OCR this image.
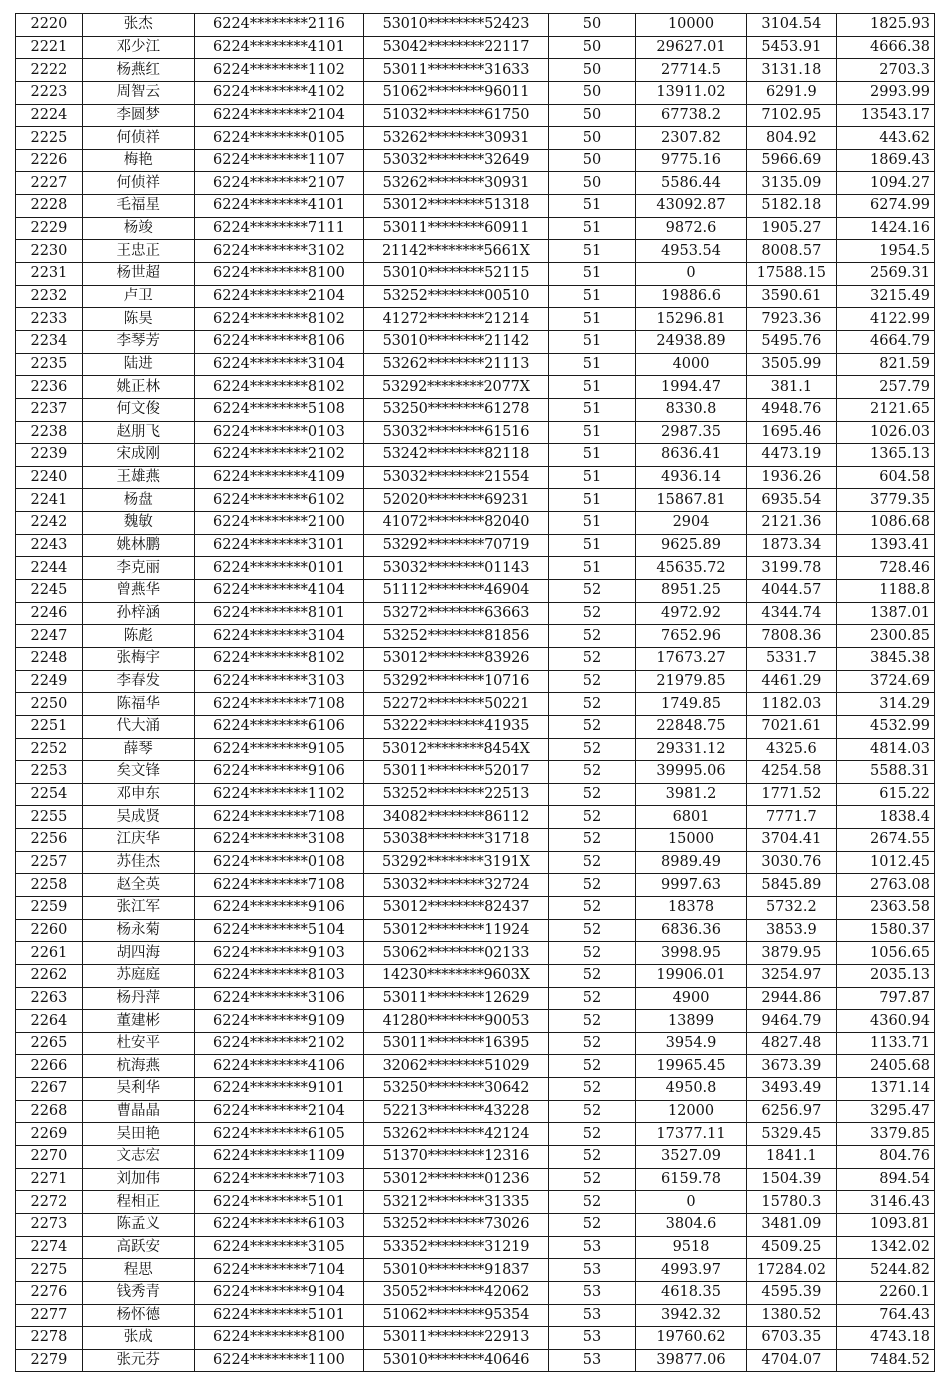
2220	张杰	6224********2116	53010********52423	50	10000	3104.54	1825.93
2221	邓少江	6224********4101	53042********22117	50	29627.01	5453.91	4666.38
2222	杨燕红	6224********1102	53011********31633	50	27714.5	3131.18	2703.3
2223	周智云	6224********4102	51062********96011	50	13911.02	6291.9	2993.99
2224	李圆梦	6224********2104	51032********61750	50	67738.2	7102.95	13543.17
2225	何侦祥	6224********0105	53262********30931	50	2307.82	804.92	443.62
2226	梅艳	6224********1107	53032********32649	50	9775.16	5966.69	1869.43
2227	何侦祥	6224********2107	53262********30931	50	5586.44	3135.09	1094.27
2228	毛福星	6224********4101	53012********51318	51	43092.87	5182.18	6274.99
2229	杨竣	6224********7111	53011********60911	51	9872.6	1905.27	1424.16
2230	王忠正	6224********3102	21142********5661X	51	4953.54	8008.57	1954.5
2231	杨世超	6224********8100	53010********52115	51	0	17588.15	2569.31
2232	卢卫	6224********2104	53252********00510	51	19886.6	3590.61	3215.49
2233	陈昊	6224********8102	41272********21214	51	15296.81	7923.36	4122.99
2234	李琴芳	6224********8106	53010********21142	51	24938.89	5495.76	4664.79
2235	陆进	6224********3104	53262********21113	51	4000	3505.99	821.59
2236	姚正林	6224********8102	53292********2077X	51	1994.47	381.1	257.79
2237	何文俊	6224********5108	53250********61278	51	8330.8	4948.76	2121.65
2238	赵朋飞	6224********0103	53032********61516	51	2987.35	1695.46	1026.03
2239	宋成刚	6224********2102	53242********82118	51	8636.41	4473.19	1365.13
2240	王雄燕	6224********4109	53032********21554	51	4936.14	1936.26	604.58
2241	杨盘	6224********6102	52020********69231	51	15867.81	6935.54	3779.35
2242	魏敏	6224********2100	41072********82040	51	2904	2121.36	1086.68
2243	姚林鹏	6224********3101	53292********70719	51	9625.89	1873.34	1393.41
2244	李克丽	6224********0101	53032********01143	51	45635.72	3199.78	728.46
2245	曾燕华	6224********4104	51112********46904	52	8951.25	4044.57	1188.8
2246	孙梓涵	6224********8101	53272********63663	52	4972.92	4344.74	1387.01
2247	陈彪	6224********3104	53252********81856	52	7652.96	7808.36	2300.85
2248	张梅宇	6224********8102	53012********83926	52	17673.27	5331.7	3845.38
2249	李春发	6224********3103	53292********10716	52	21979.85	4461.29	3724.69
2250	陈福华	6224********7108	52272********50221	52	1749.85	1182.03	314.29
2251	代大涌	6224********6106	53222********41935	52	22848.75	7021.61	4532.99
2252	薛琴	6224********9105	53012********8454X	52	29331.12	4325.6	4814.03
2253	矣文锋	6224********9106	53011********52017	52	39995.06	4254.58	5588.31
2254	邓申东	6224********1102	53252********22513	52	3981.2	1771.52	615.22
2255	吴成贤	6224********7108	34082********86112	52	6801	7771.7	1838.4
2256	江庆华	6224********3108	53038********31718	52	15000	3704.41	2674.55
2257	苏佳杰	6224********0108	53292********3191X	52	8989.49	3030.76	1012.45
2258	赵全英	6224********7108	53032********32724	52	9997.63	5845.89	2763.08
2259	张江军	6224********9106	53012********82437	52	18378	5732.2	2363.58
2260	杨永菊	6224********5104	53012********11924	52	6836.36	3853.9	1580.37
2261	胡四海	6224********9103	53062********02133	52	3998.95	3879.95	1056.65
2262	苏庭庭	6224********8103	14230********9603X	52	19906.01	3254.97	2035.13
2263	杨丹萍	6224********3106	53011********12629	52	4900	2944.86	797.87
2264	董建彬	6224********9109	41280********90053	52	13899	9464.79	4360.94
2265	杜安平	6224********2102	53011********16395	52	3954.9	4827.48	1133.71
2266	杭海燕	6224********4106	32062********51029	52	19965.45	3673.39	2405.68
2267	吴利华	6224********9101	53250********30642	52	4950.8	3493.49	1371.14
2268	曹晶晶	6224********2104	52213********43228	52	12000	6256.97	3295.47
2269	吴田艳	6224********6105	53262********42124	52	17377.11	5329.45	3379.85
2270	文志宏	6224********1109	51370********12316	52	3527.09	1841.1	804.76
2271	刘加伟	6224********7103	53012********01236	52	6159.78	1504.39	894.54
2272	程相正	6224********5101	53212********31335	52	0	15780.3	3146.43
2273	陈孟义	6224********6103	53252********73026	52	3804.6	3481.09	1093.81
2274	高跃安	6224********3105	53352********31219	53	9518	4509.25	1342.02
2275	程思	6224********7104	53010********91837	53	4993.97	17284.02	5244.82
2276	钱秀青	6224********9104	35052********42062	53	4618.35	4595.39	2260.1
2277	杨怀德	6224********5101	51062********95354	53	3942.32	1380.52	764.43
2278	张成	6224********8100	53011********22913	53	19760.62	6703.35	4743.18
2279	张元芬	6224********1100	53010********40646	53	39877.06	4704.07	7484.52
